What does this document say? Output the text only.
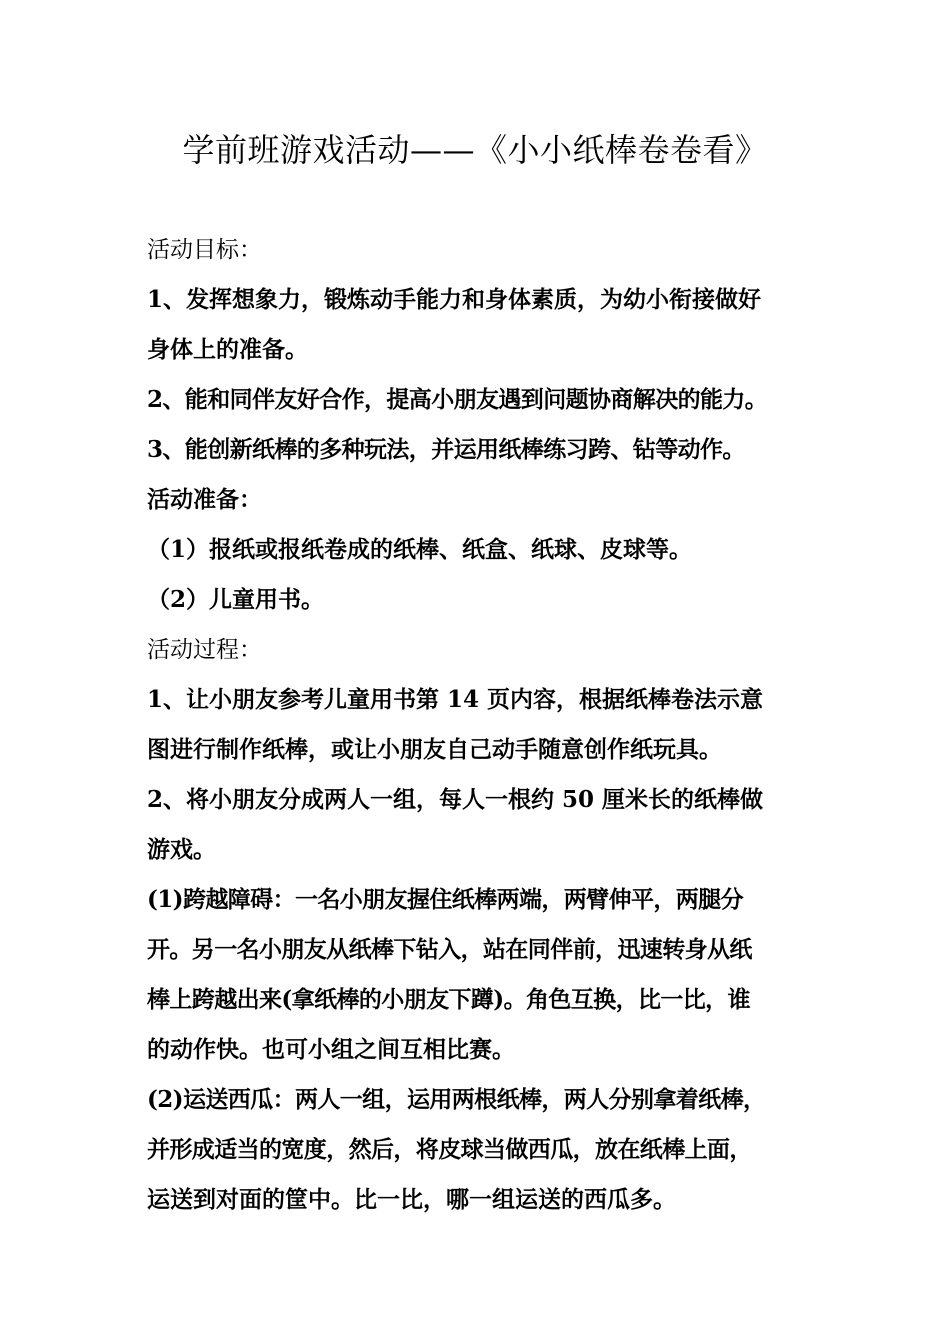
学前班游戏活动——《小小纸棒卷卷看》
活动目标：
1、发挥想象力，锻炼动手能力和身体素质，为幼小衔接做好
身体上的准备。
2、能和同伴友好合作，提高小朋友遇到问题协商解决的能力。
3、能创新纸棒的多种玩法，并运用纸棒练习跨、钻等动作。
活动准备：
（1）报纸或报纸卷成的纸棒、纸盒、纸球、皮球等。
（2）儿童用书。
活动过程：
1、让小朋友参考儿童用书第 14 页内容，根据纸棒卷法示意
图进行制作纸棒，或让小朋友自己动手随意创作纸玩具。
2、将小朋友分成两人一组，每人一根约 50 厘米长的纸棒做
游戏。
(1)跨越障碍：一名小朋友握住纸棒两端，两臂伸平，两腿分
开。另一名小朋友从纸棒下钻入，站在同伴前，迅速转身从纸
棒上跨越出来(拿纸棒的小朋友下蹲)。角色互换，比一比，谁
的动作快。也可小组之间互相比赛。
(2)运送西瓜：两人一组，运用两根纸棒，两人分别拿着纸棒，
并形成适当的宽度，然后，将皮球当做西瓜，放在纸棒上面，
运送到对面的筐中。比一比，哪一组运送的西瓜多。
